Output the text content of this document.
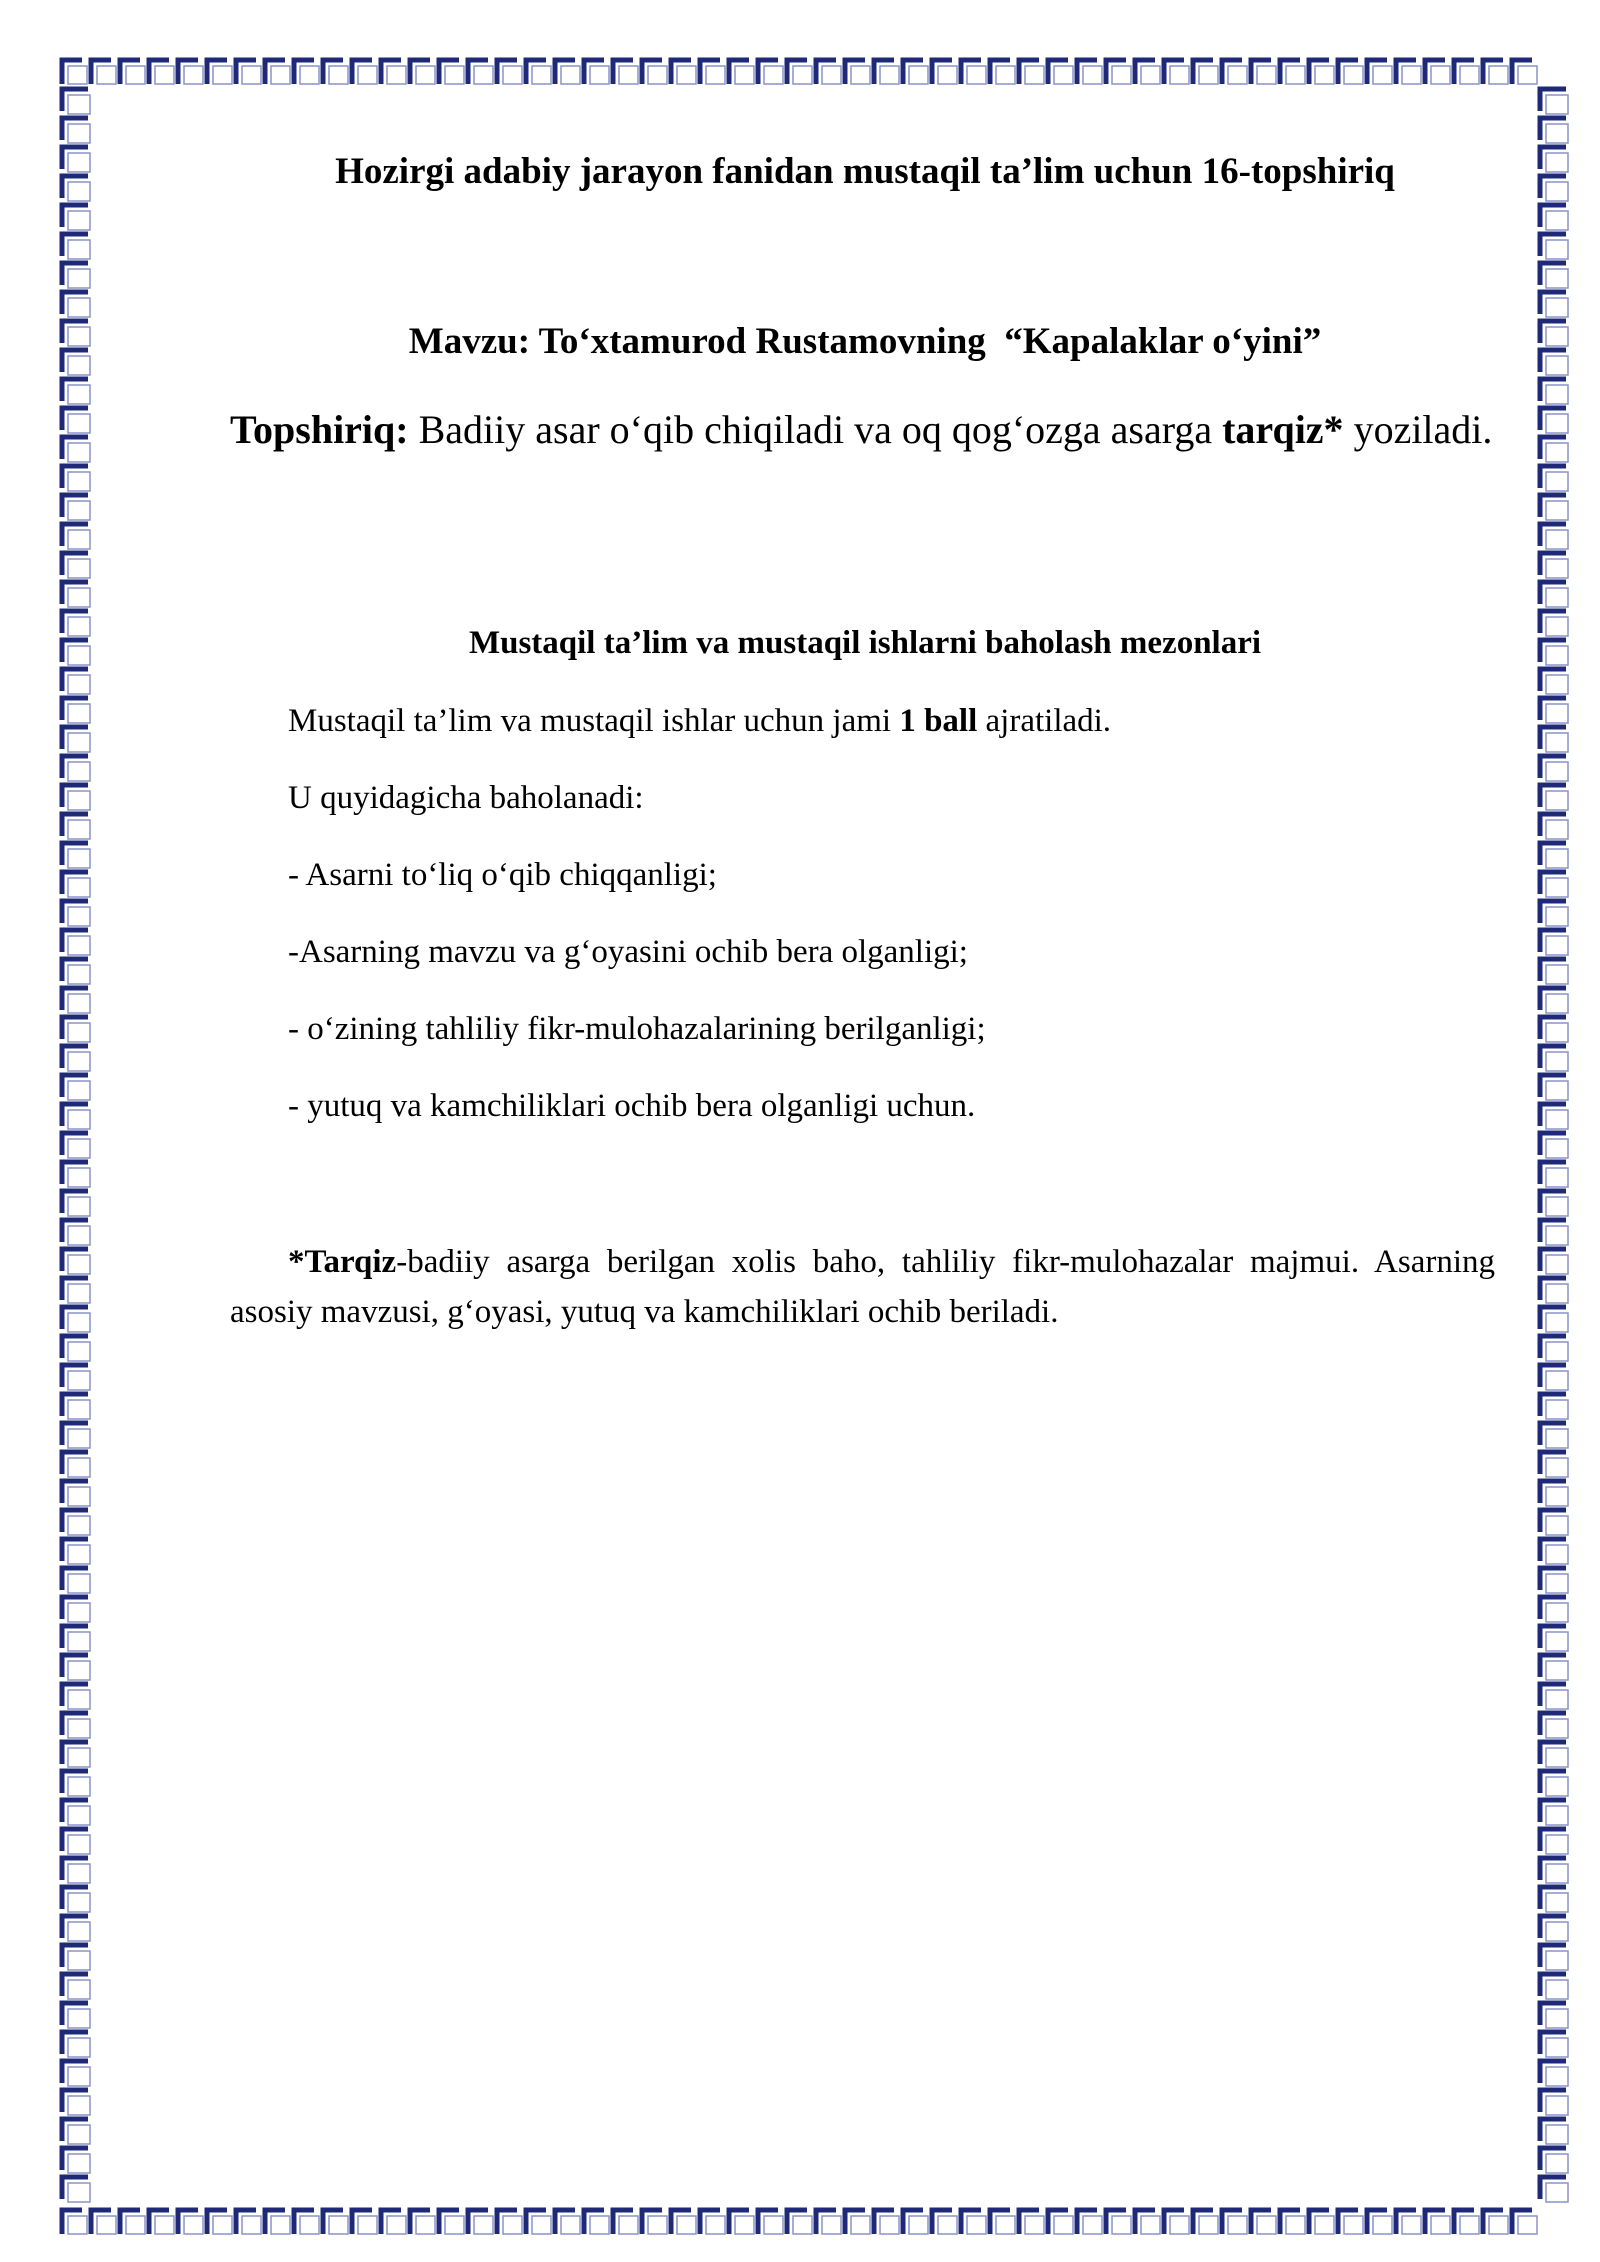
Hozirgi adabiy jarayon fanidan mustaqil ta’lim uchun 16-topshiriq
Mavzu: To‘xtamurod Rustamovning  “Kapalaklar o‘yini”
Topshiriq: Badiiy asar o‘qib chiqiladi va oq qog‘ozga asarga tarqiz* yoziladi.
Mustaqil ta’lim va mustaqil ishlarni baholash mezonlari
Mustaqil ta’lim va mustaqil ishlar uchun jami 1 ball ajratiladi.
U quyidagicha baholanadi:
- Asarni to‘liq o‘qib chiqqanligi;
-Asarning mavzu va g‘oyasini ochib bera olganligi;
- o‘zining tahliliy fikr-mulohazalarining berilganligi;
- yutuq va kamchiliklari ochib bera olganligi uchun.
*Tarqiz-badiiy asarga berilgan xolis baho, tahliliy fikr-mulohazalar majmui. Asarning asosiy mavzusi, g‘oyasi, yutuq va kamchiliklari ochib beriladi.
